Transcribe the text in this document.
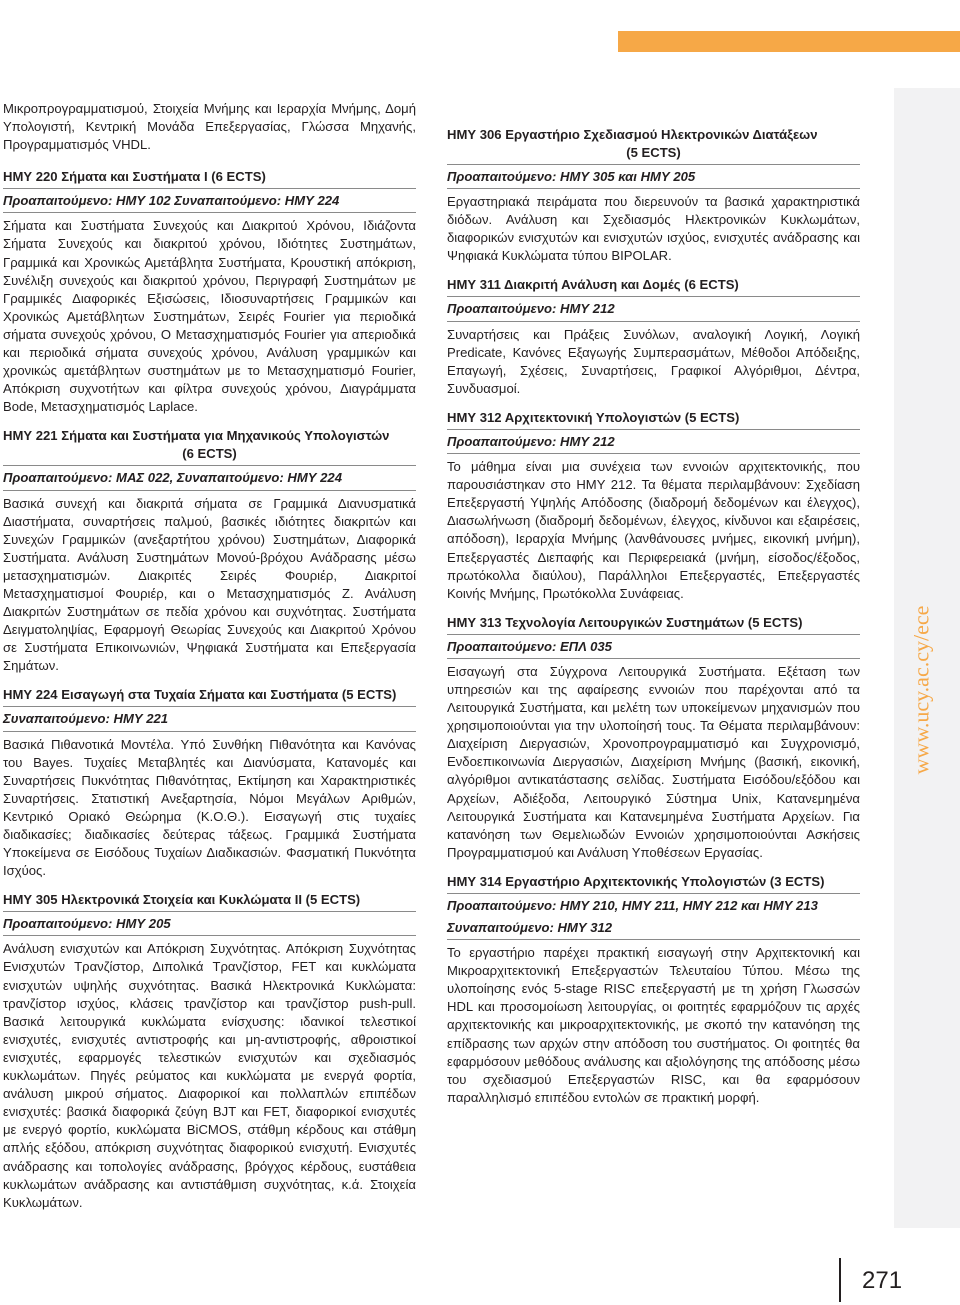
www.ucy.ac.cy/ece

Μικροπρογραμματισμού, Στοιχεία Μνήμης και Ιεραρχία Μνήμης, Δομή Υπολογιστή, Κεντρική Μονάδα Επεξεργασίας, Γλώσσα Μηχανής, Προγραμματισμός VHDL.

ΗΜΥ 220 Σήματα και Συστήματα Ι (6 ECTS)

Προαπαιτούμενο: ΗΜΥ 102 Συναπαιτούμενο: ΗΜΥ 224

Σήματα και Συστήματα Συνεχούς και Διακριτού Χρόνου, Ιδιάζοντα Σήματα Συνεχούς και διακριτού χρόνου, Ιδιότητες Συστημάτων, Γραμμικά και Χρονικώς Αμετάβλητα Συστήματα, Κρουστική απόκριση, Συνέλιξη συνεχούς και διακριτού χρόνου, Περιγραφή Συστημάτων με Γραμμικές Διαφορικές Εξισώσεις, Ιδιοσυναρτήσεις Γραμμικών και Χρονικώς Αμετάβλητων Συστημάτων, Σειρές Fourier για περιοδικά σήματα συνεχούς χρόνου, Ο Μετασχηματισμός Fourier για απεριοδικά και περιοδικά σήματα συνεχούς χρόνου, Ανάλυση γραμμικών και χρονικώς αμετάβλητων συστημάτων με το Μετασχηματισμό Fourier, Απόκριση συχνοτήτων και φίλτρα συνεχούς χρόνου, Διαγράμματα Bode, Μετασχηματισμός Laplace.

ΗΜΥ 221 Σήματα και Συστήματα για Μηχανικούς Υπολογιστών
(6 ECTS)

Προαπαιτούμενο: ΜΑΣ 022, Συναπαιτούμενο: ΗΜΥ 224

Βασικά συνεχή και διακριτά σήματα σε Γραμμικά Διανυσματικά Διαστήματα, συναρτήσεις παλμού, βασικές ιδιότητες διακριτών και Συνεχών Γραμμικών (ανεξαρτήτου χρόνου) Συστημάτων, Διαφορικά Συστήματα. Ανάλυση Συστημάτων Μονού-βρόχου Ανάδρασης μέσω μετασχηματισμών. Διακριτές Σειρές Φουριέρ, Διακριτοί Μετασχηματισμοί Φουριέρ, και ο Μετασχηματισμός Ζ. Ανάλυση Διακριτών Συστημάτων σε πεδία χρόνου και συχνότητας. Συστήματα Δειγματοληψίας, Εφαρμογή Θεωρίας Συνεχούς και Διακριτού Χρόνου σε Συστήματα Επικοινωνιών, Ψηφιακά Συστήματα και Επεξεργασία Σημάτων.

ΗΜΥ 224 Εισαγωγή στα Τυχαία Σήματα και Συστήματα (5 ECTS)

Συναπαιτούμενο: ΗΜΥ 221

Βασικά Πιθανοτικά Μοντέλα. Υπό Συνθήκη Πιθανότητα και Κανόνας του Bayes. Τυχαίες Μεταβλητές και Διανύσματα, Κατανομές και Συναρτήσεις Πυκνότητας Πιθανότητας, Εκτίμηση και Χαρακτηριστικές Συναρτήσεις. Στατιστική Ανεξαρτησία, Νόμοι Μεγάλων Αριθμών, Κεντρικό Οριακό Θεώρημα (Κ.Ο.Θ.). Εισαγωγή στις τυχαίες διαδικασίες; διαδικασίες δεύτερας τάξεως. Γραμμικά Συστήματα Υποκείμενα σε Εισόδους Τυχαίων Διαδικασιών. Φασματική Πυκνότητα Ισχύος.

ΗΜΥ 305 Ηλεκτρονικά Στοιχεία και Κυκλώματα ΙΙ (5 ECTS)

Προαπαιτούμενο: ΗΜΥ 205

Ανάλυση ενισχυτών και Απόκριση Συχνότητας. Απόκριση Συχνότητας Ενισχυτών Τρανζίστορ, Διπολικά Τρανζίστορ, FET και κυκλώματα ενισχυτών υψηλής συχνότητας. Βασικά Ηλεκτρονικά Κυκλώματα: τρανζίστορ ισχύος, κλάσεις τρανζίστορ και τρανζίστορ push-pull. Βασικά λειτουργικά κυκλώματα ενίσχυσης: ιδανικοί τελεστικοί ενισχυτές, ενισχυτές αντιστροφής και μη-αντιστροφής, αθροιστικοί ενισχυτές, εφαρμογές τελεστικών ενισχυτών και σχεδιασμός κυκλωμάτων. Πηγές ρεύματος και κυκλώματα με ενεργά φορτία, ανάλυση μικρού σήματος. Διαφορικοί και πολλαπλών επιπέδων ενισχυτές: βασικά διαφορικά ζεύγη BJT και FET, διαφορικοί ενισχυτές με ενεργό φορτίο, κυκλώματα BiCMOS, στάθμη κέρδους και στάθμη απλής εξόδου, απόκριση συχνότητας διαφορικού ενισχυτή. Ενισχυτές ανάδρασης και τοπολογίες ανάδρασης, βρόγχος κέρδους, ευστάθεια κυκλωμάτων ανάδρασης και αντιστάθμιση συχνότητας, κ.ά. Στοιχεία Κυκλωμάτων.

ΗΜΥ 306 Εργαστήριο Σχεδιασμού Ηλεκτρονικών Διατάξεων
(5 ECTS)

Προαπαιτούμενο: ΗΜΥ 305 και ΗΜΥ 205

Εργαστηριακά πειράματα που διερευνούν τα βασικά χαρακτηριστικά διόδων. Ανάλυση και Σχεδιασμός Ηλεκτρονικών Κυκλωμάτων, διαφορικών ενισχυτών και ενισχυτών ισχύος, ενισχυτές ανάδρασης και Ψηφιακά Κυκλώματα τύπου BIPOLAR.

ΗΜΥ 311 Διακριτή Ανάλυση και Δομές (6 ECTS)

Προαπαιτούμενο: ΗΜΥ 212

Συναρτήσεις και Πράξεις Συνόλων, αναλογική Λογική, Λογική Predicate, Κανόνες Εξαγωγής Συμπερασμάτων, Μέθοδοι Απόδειξης, Επαγωγή, Σχέσεις, Συναρτήσεις, Γραφικοί Αλγόριθμοι, Δέντρα, Συνδυασμοί.

ΗΜΥ 312 Αρχιτεκτονική Υπολογιστών (5 ECTS)

Προαπαιτούμενο: ΗΜΥ 212

Το μάθημα είναι μια συνέχεια των εννοιών αρχιτεκτονικής, που παρουσιάστηκαν στο ΗΜΥ 212. Τα θέματα περιλαμβάνουν: Σχεδίαση Επεξεργαστή Υψηλής Απόδοσης (διαδρομή δεδομένων και έλεγχος), Διασωλήνωση (διαδρομή δεδομένων, έλεγχος, κίνδυνοι και εξαιρέσεις, απόδοση), Ιεραρχία Μνήμης (λανθάνουσες μνήμες, εικονική μνήμη), Επεξεργαστές Διεπαφής και Περιφερειακά (μνήμη, είσοδος/έξοδος, πρωτόκολλα διαύλου), Παράλληλοι Επεξεργαστές, Επεξεργαστές Κοινής Μνήμης, Πρωτόκολλα Συνάφειας.

ΗΜΥ 313 Τεχνολογία Λειτουργικών Συστημάτων (5 ECTS)

Προαπαιτούμενο: ΕΠΛ 035

Εισαγωγή στα Σύγχρονα Λειτουργικά Συστήματα. Εξέταση των υπηρεσιών και της αφαίρεσης εννοιών που παρέχονται από τα Λειτουργικά Συστήματα, και μελέτη των υποκείμενων μηχανισμών που χρησιμοποιούνται για την υλοποίησή τους. Τα Θέματα περιλαμβάνουν: Διαχείριση Διεργασιών, Χρονοπρογραμματισμό και Συγχρονισμό, Ενδοεπικοινωνία Διεργασιών, Διαχείριση Μνήμης (βασική, εικονική, αλγόριθμοι αντικατάστασης σελίδας. Συστήματα Εισόδου/εξόδου και Αρχείων, Αδιέξοδα, Λειτουργικό Σύστημα Unix, Κατανεμημένα Λειτουργικά Συστήματα και Κατανεμημένα Συστήματα Αρχείων. Για κατανόηση των Θεμελιωδών Εννοιών χρησιμοποιούνται Ασκήσεις Προγραμματισμού και Ανάλυση Υποθέσεων Εργασίας.

ΗΜΥ 314 Εργαστήριο Αρχιτεκτονικής Υπολογιστών (3 ECTS)

Προαπαιτούμενο: ΗΜΥ 210, ΗΜΥ 211, ΗΜΥ 212 και ΗΜΥ 213

Συναπαιτούμενο: ΗΜΥ 312

Το εργαστήριο παρέχει πρακτική εισαγωγή στην Αρχιτεκτονική και Μικροαρχιτεκτονική Επεξεργαστών Τελευταίου Τύπου. Μέσω της υλοποίησης ενός 5-stage RISC επεξεργαστή με τη χρήση Γλωσσών HDL και προσομοίωση λειτουργίας, οι φοιτητές εφαρμόζουν τις αρχές αρχιτεκτονικής και μικροαρχιτεκτονικής, με σκοπό την κατανόηση της επίδρασης των αρχών στην απόδοση του συστήματος. Οι φοιτητές θα εφαρμόσουν μεθόδους ανάλυσης και αξιολόγησης της απόδοσης μέσω του σχεδιασμού Επεξεργαστών RISC, και θα εφαρμόσουν παραλληλισμό επιπέδου εντολών σε πρακτική μορφή.

271
